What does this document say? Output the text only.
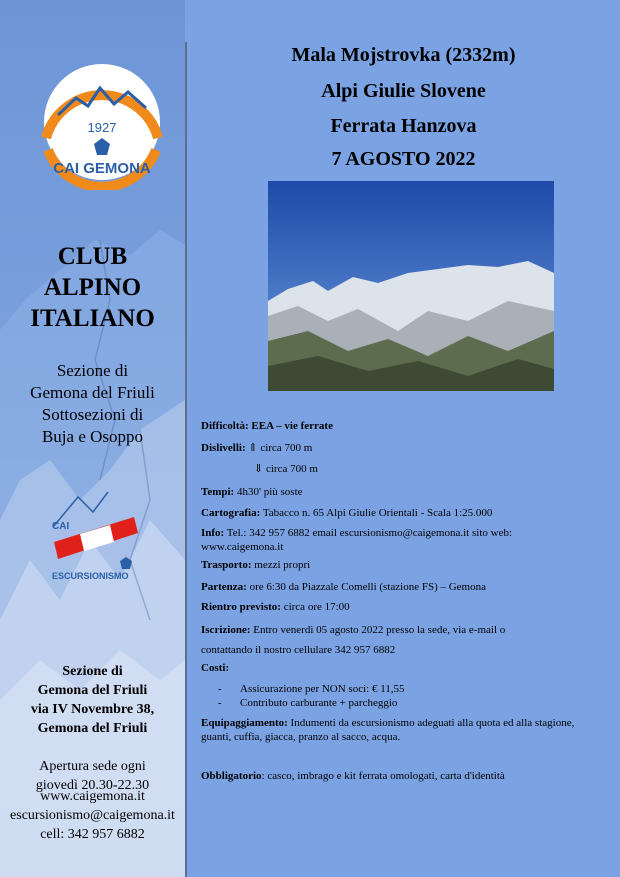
1927
CAI GEMONA
CLUB
ALPINO
ITALIANO
Sezione di
Gemona del Friuli
Sottosezioni di
Buja e Osoppo
CAI
ESCURSIONISMO
Sezione di
Gemona del Friuli
via IV Novembre 38,
Gemona del Friuli
Apertura sede ogni
giovedì 20.30-22.30
www.caigemona.it
escursionismo@caigemona.it
cell: 342 957 6882
Mala Mojstrovka (2332m)
Alpi Giulie Slovene
Ferrata Hanzova
7 AGOSTO 2022
Difficoltà: EEA – vie ferrate
Dislivelli: ⇑ circa 700 m
⇓ circa 700 m
Tempi: 4h30' più soste
Cartografia: Tabacco n. 65 Alpi Giulie Orientali - Scala 1:25.000
Info: Tel.: 342 957 6882 email escursionismo@caigemona.it sito web:
www.caigemona.it
Trasporto: mezzi propri
Partenza: ore 6:30 da Piazzale Comelli (stazione FS) – Gemona
Rientro previsto: circa ore 17:00
Iscrizione: Entro venerdì 05 agosto 2022 presso la sede, via e-mail o
contattando il nostro cellulare 342 957 6882
Costi:
- Assicurazione per NON soci: € 11,55
- Contributo carburante + parcheggio
Equipaggiamento: Indumenti da escursionismo adeguati alla quota ed alla stagione,
guanti, cuffia, giacca, pranzo al sacco, acqua.
Obbligatorio: casco, imbrago e kit ferrata omologati, carta d'identità
